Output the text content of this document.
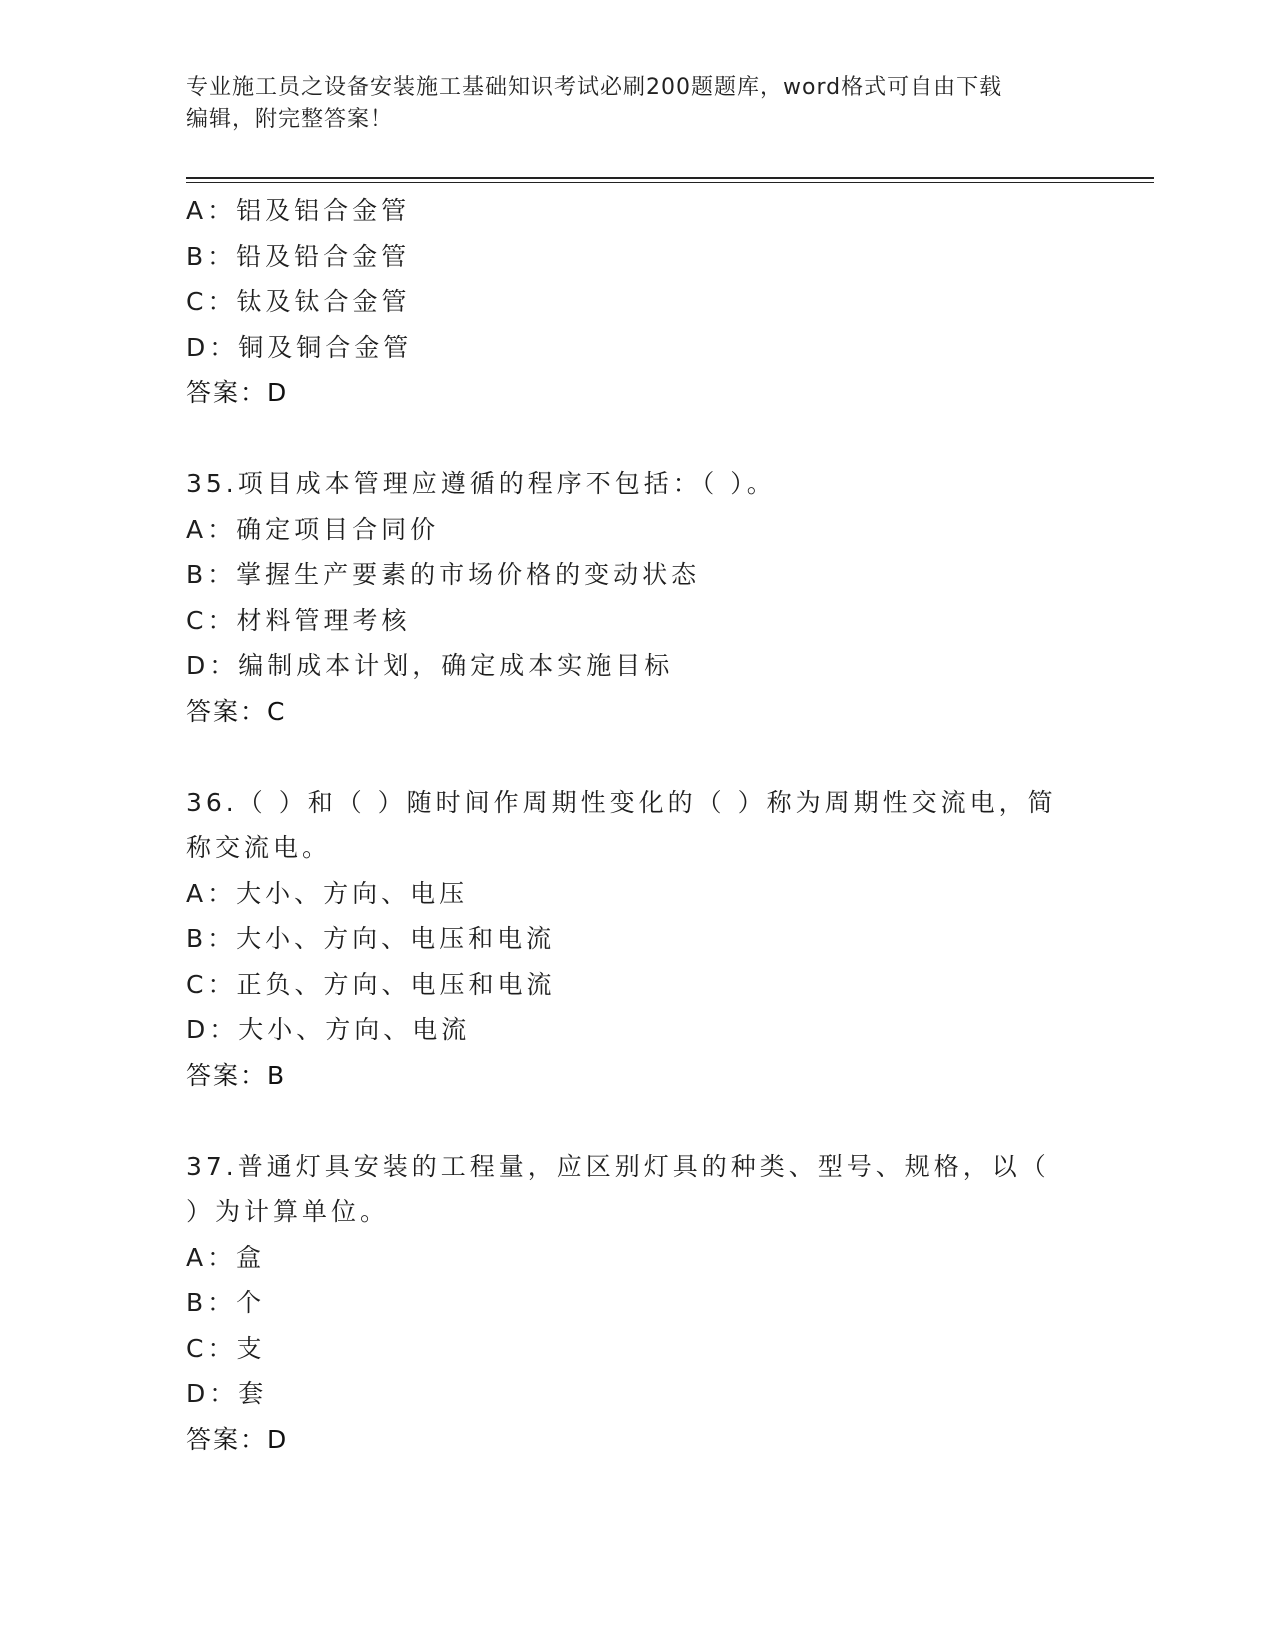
专业施工员之设备安装施工基础知识考试必刷200题题库，word格式可自由下载
编辑，附完整答案！
A：铝及铝合金管
B：铅及铅合金管
C：钛及钛合金管
D：铜及铜合金管
答案：D
35.项目成本管理应遵循的程序不包括：（ ）。
A：确定项目合同价
B：掌握生产要素的市场价格的变动状态
C：材料管理考核
D：编制成本计划，确定成本实施目标
答案：C
36.（ ）和（ ）随时间作周期性变化的（ ）称为周期性交流电，简
称交流电。
A：大小、方向、电压
B：大小、方向、电压和电流
C：正负、方向、电压和电流
D：大小、方向、电流
答案：B
37.普通灯具安装的工程量，应区别灯具的种类、型号、规格，以（
）为计算单位。
A：盒
B：个
C：支
D：套
答案：D
